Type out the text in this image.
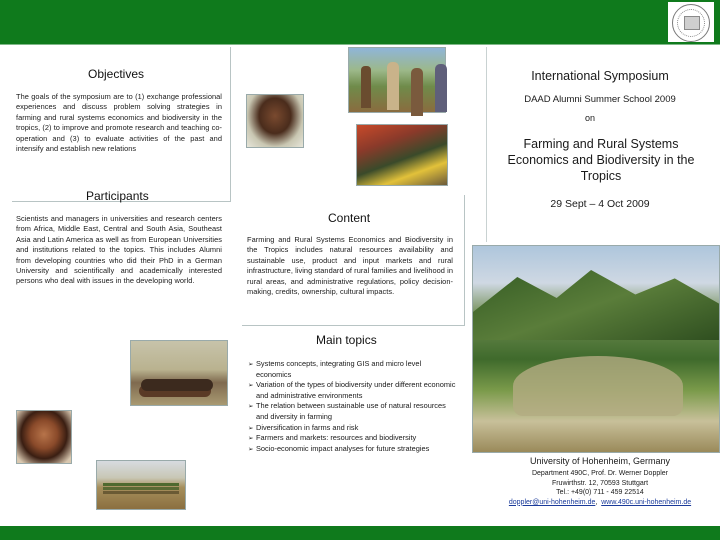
Objectives
The goals of the symposium are to (1) exchange professional experiences and discuss problem solving strategies in farming and rural systems economics and biodiversity in the tropics, (2) to improve and promote research and teaching co-operation and (3) to evaluate activities of the past and intensify and establish new relations
Participants
Scientists and managers in universities and research centers from Africa, Middle East, Central and South Asia, Southeast Asia and Latin America as well as from European Universities and institutions related to the topics. This includes Alumni from developing countries who did their PhD in a German University and scientifically and academically interested persons who deal with issues in the developing world.
Content
Farming and Rural Systems Economics and Biodiversity in the Tropics includes natural resources availability and sustainable use, product and input markets and rural infrastructure, living standard of rural families and livelihood in rural areas, and administrative regulations, policy decision-making, credits, ownership, cultural impacts.
Main topics
➢ Systems concepts, integrating GIS and micro level economics
➢ Variation of the types of biodiversity under different economic and administrative environments
➢ The relation between sustainable use of natural resources and diversity in farming
➢ Diversification in farms and risk
➢ Farmers and markets: resources and biodiversity
➢ Socio-economic impact analyses for future strategies
International Symposium
DAAD Alumni Summer School 2009
on
Farming and Rural Systems Economics and Biodiversity in the Tropics
29 Sept – 4 Oct 2009
University of Hohenheim, Germany
Department 490C, Prof. Dr. Werner Doppler
Fruwirthstr. 12, 70593 Stuttgart
Tel.: +49(0) 711 - 459 22514
doppler@uni-hohenheim.de, www.490c.uni-hohenheim.de
